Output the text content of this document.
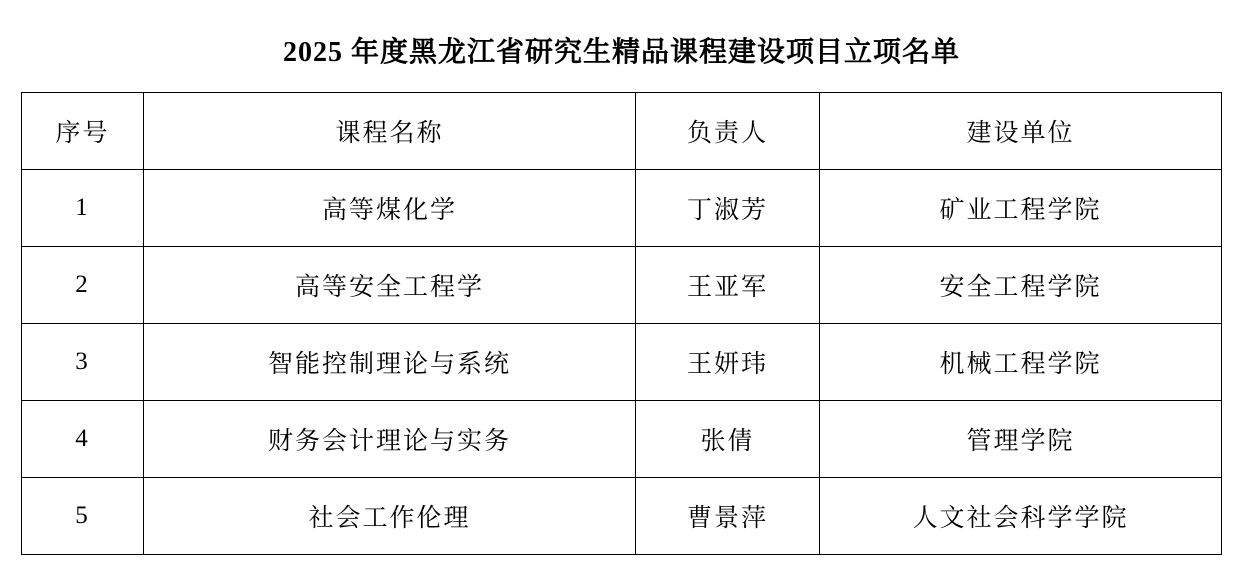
2025 年度黑龙江省研究生精品课程建设项目立项名单
序号	课程名称	负责人	建设单位
1	高等煤化学	丁淑芳	矿业工程学院
2	高等安全工程学	王亚军	安全工程学院
3	智能控制理论与系统	王妍玮	机械工程学院
4	财务会计理论与实务	张倩	管理学院
5	社会工作伦理	曹景萍	人文社会科学学院
